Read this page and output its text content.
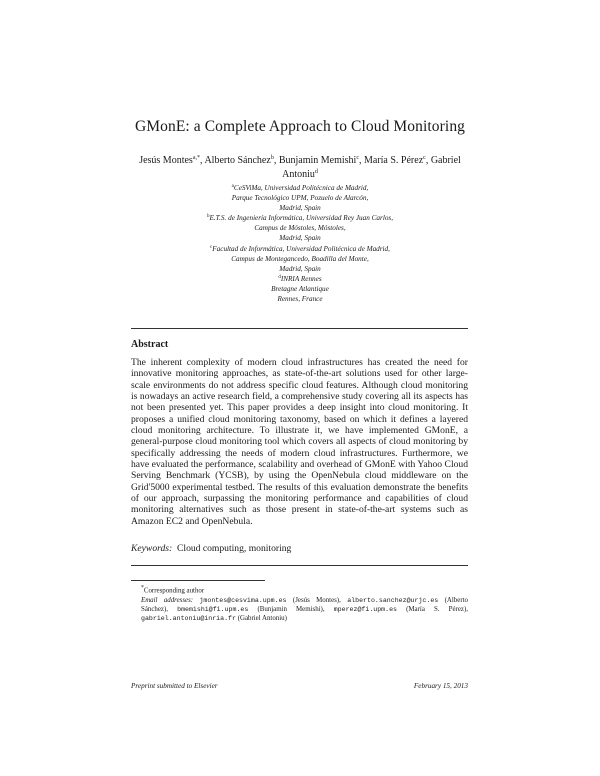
GMonE: a Complete Approach to Cloud Monitoring
Jesús Montes$^{a,*}$, Alberto Sánchez$^b$, Bunjamin Memishi$^c$, María S. Pérez$^c$, Gabriel Antoniu$^d$
$^a$CeSViMa, Universidad Politécnica de Madrid,
Parque Tecnológico UPM, Pozuelo de Alarcón,
Madrid, Spain
$^b$E.T.S. de Ingeniería Informática, Universidad Rey Juan Carlos,
Campus de Móstoles, Móstoles,
Madrid, Spain
$^c$Facultad de Informática, Universidad Politécnica de Madrid,
Campus de Montegancedo, Boadilla del Monte,
Madrid, Spain
$^d$INRIA Rennes
Bretagne Atlantique
Rennes, France
Abstract
The inherent complexity of modern cloud infrastructures has created the need for innovative monitoring approaches, as state-of-the-art solutions used for other large-scale environments do not address specific cloud features. Although cloud monitoring is nowadays an active research field, a comprehensive study covering all its aspects has not been presented yet. This paper provides a deep insight into cloud monitoring. It proposes a unified cloud monitoring taxonomy, based on which it defines a layered cloud monitoring architecture. To illustrate it, we have implemented GMonE, a general-purpose cloud monitoring tool which covers all aspects of cloud monitoring by specifically addressing the needs of modern cloud infrastructures. Furthermore, we have evaluated the performance, scalability and overhead of GMonE with Yahoo Cloud Serving Benchmark (YCSB), by using the OpenNebula cloud middleware on the Grid'5000 experimental testbed. The results of this evaluation demonstrate the benefits of our approach, surpassing the monitoring performance and capabilities of cloud monitoring alternatives such as those present in state-of-the-art systems such as Amazon EC2 and OpenNebula.
Keywords: Cloud computing, monitoring
*Corresponding author
Email addresses: jmontes@cesvima.upm.es (Jesús Montes), alberto.sanchez@urjc.es (Alberto Sánchez), bmemishi@fi.upm.es (Bunjamin Memishi), mperez@fi.upm.es (María S. Pérez), gabriel.antoniu@inria.fr (Gabriel Antoniu)
Preprint submitted to Elsevier	February 15, 2013
